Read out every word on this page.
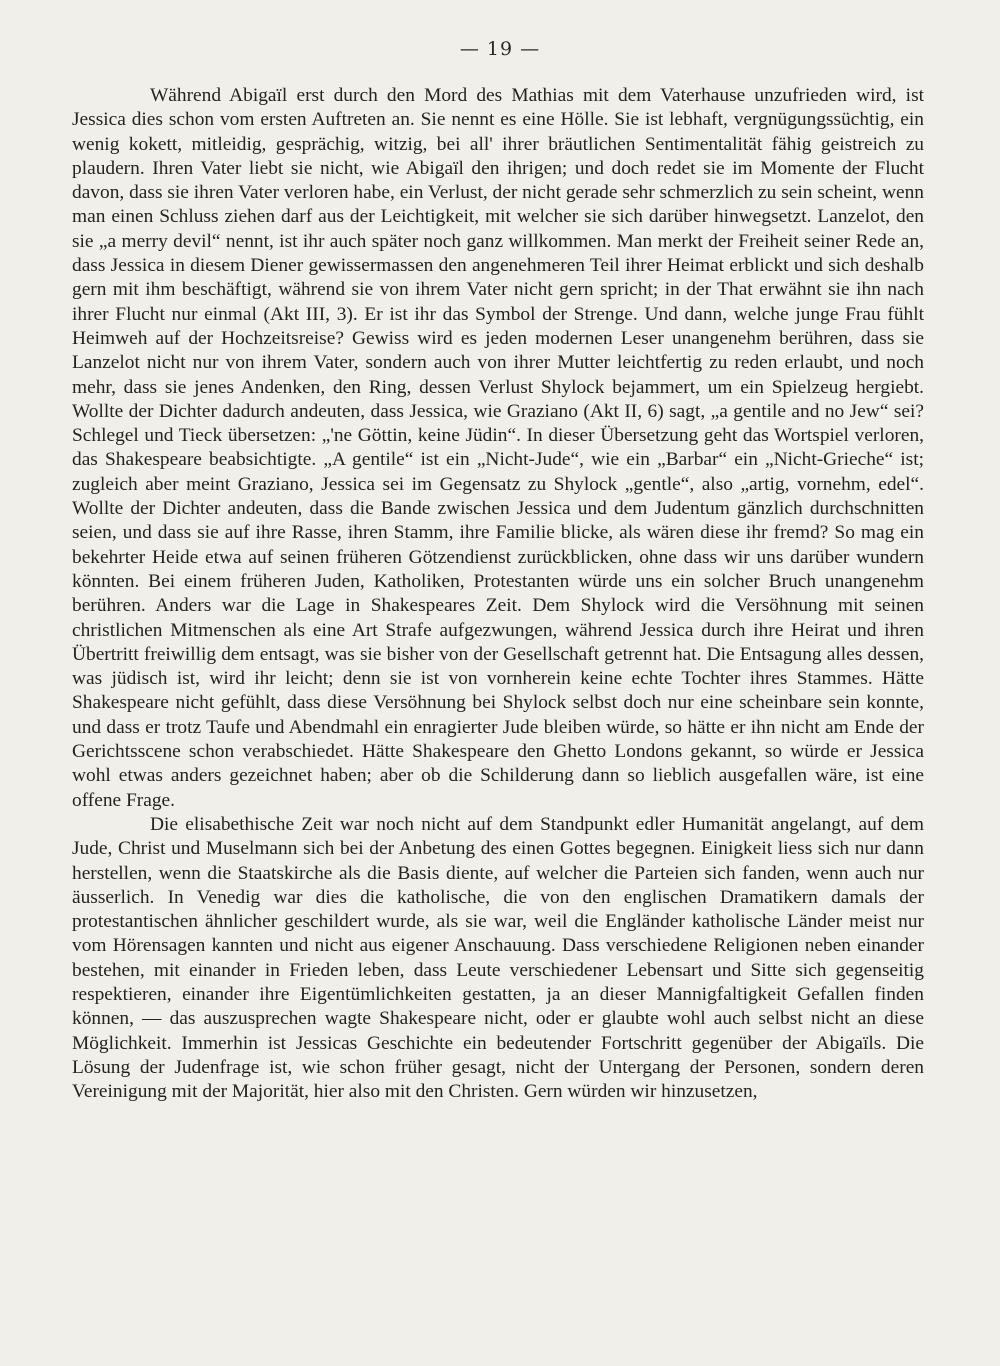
— 19 —

Während Abigaïl erst durch den Mord des Mathias mit dem Vaterhause unzufrieden wird, ist Jessica dies schon vom ersten Auftreten an. Sie nennt es eine Hölle. Sie ist lebhaft, vergnügungssüchtig, ein wenig kokett, mitleidig, gesprächig, witzig, bei all' ihrer bräutlichen Sentimentalität fähig geistreich zu plaudern. Ihren Vater liebt sie nicht, wie Abigaïl den ihrigen; und doch redet sie im Momente der Flucht davon, dass sie ihren Vater verloren habe, ein Verlust, der nicht gerade sehr schmerzlich zu sein scheint, wenn man einen Schluss ziehen darf aus der Leichtigkeit, mit welcher sie sich darüber hinwegsetzt. Lanzelot, den sie „a merry devil“ nennt, ist ihr auch später noch ganz willkommen. Man merkt der Freiheit seiner Rede an, dass Jessica in diesem Diener gewissermassen den angenehmeren Teil ihrer Heimat erblickt und sich deshalb gern mit ihm beschäftigt, während sie von ihrem Vater nicht gern spricht; in der That erwähnt sie ihn nach ihrer Flucht nur einmal (Akt III, 3). Er ist ihr das Symbol der Strenge. Und dann, welche junge Frau fühlt Heimweh auf der Hochzeitsreise? Gewiss wird es jeden modernen Leser unangenehm berühren, dass sie Lanzelot nicht nur von ihrem Vater, sondern auch von ihrer Mutter leichtfertig zu reden erlaubt, und noch mehr, dass sie jenes Andenken, den Ring, dessen Verlust Shylock bejammert, um ein Spielzeug hergiebt. Wollte der Dichter dadurch andeuten, dass Jessica, wie Graziano (Akt II, 6) sagt, „a gentile and no Jew“ sei? Schlegel und Tieck übersetzen: „'ne Göttin, keine Jüdin“. In dieser Übersetzung geht das Wortspiel verloren, das Shakespeare beabsichtigte. „A gentile“ ist ein „Nicht-Jude“, wie ein „Barbar“ ein „Nicht-Grieche“ ist; zugleich aber meint Graziano, Jessica sei im Gegensatz zu Shylock „gentle“, also „artig, vornehm, edel“. Wollte der Dichter andeuten, dass die Bande zwischen Jessica und dem Judentum gänzlich durchschnitten seien, und dass sie auf ihre Rasse, ihren Stamm, ihre Familie blicke, als wären diese ihr fremd? So mag ein bekehrter Heide etwa auf seinen früheren Götzendienst zurückblicken, ohne dass wir uns darüber wundern könnten. Bei einem früheren Juden, Katholiken, Protestanten würde uns ein solcher Bruch unangenehm berühren. Anders war die Lage in Shakespeares Zeit. Dem Shylock wird die Versöhnung mit seinen christlichen Mitmenschen als eine Art Strafe aufgezwungen, während Jessica durch ihre Heirat und ihren Übertritt freiwillig dem entsagt, was sie bisher von der Gesellschaft getrennt hat. Die Entsagung alles dessen, was jüdisch ist, wird ihr leicht; denn sie ist von vornherein keine echte Tochter ihres Stammes. Hätte Shakespeare nicht gefühlt, dass diese Versöhnung bei Shylock selbst doch nur eine scheinbare sein konnte, und dass er trotz Taufe und Abendmahl ein enragierter Jude bleiben würde, so hätte er ihn nicht am Ende der Gerichtsscene schon verabschiedet. Hätte Shakespeare den Ghetto Londons gekannt, so würde er Jessica wohl etwas anders gezeichnet haben; aber ob die Schilderung dann so lieblich ausgefallen wäre, ist eine offene Frage.

Die elisabethische Zeit war noch nicht auf dem Standpunkt edler Humanität angelangt, auf dem Jude, Christ und Muselmann sich bei der Anbetung des einen Gottes begegnen. Einigkeit liess sich nur dann herstellen, wenn die Staatskirche als die Basis diente, auf welcher die Parteien sich fanden, wenn auch nur äusserlich. In Venedig war dies die katholische, die von den englischen Dramatikern damals der protestantischen ähnlicher geschildert wurde, als sie war, weil die Engländer katholische Länder meist nur vom Hörensagen kannten und nicht aus eigener Anschauung. Dass verschiedene Religionen neben einander bestehen, mit einander in Frieden leben, dass Leute verschiedener Lebensart und Sitte sich gegenseitig respektieren, einander ihre Eigentümlichkeiten gestatten, ja an dieser Mannigfaltigkeit Gefallen finden können, — das auszusprechen wagte Shakespeare nicht, oder er glaubte wohl auch selbst nicht an diese Möglichkeit. Immerhin ist Jessicas Geschichte ein bedeutender Fortschritt gegenüber der Abigaïls. Die Lösung der Judenfrage ist, wie schon früher gesagt, nicht der Untergang der Personen, sondern deren Vereinigung mit der Majorität, hier also mit den Christen. Gern würden wir hinzusetzen,
